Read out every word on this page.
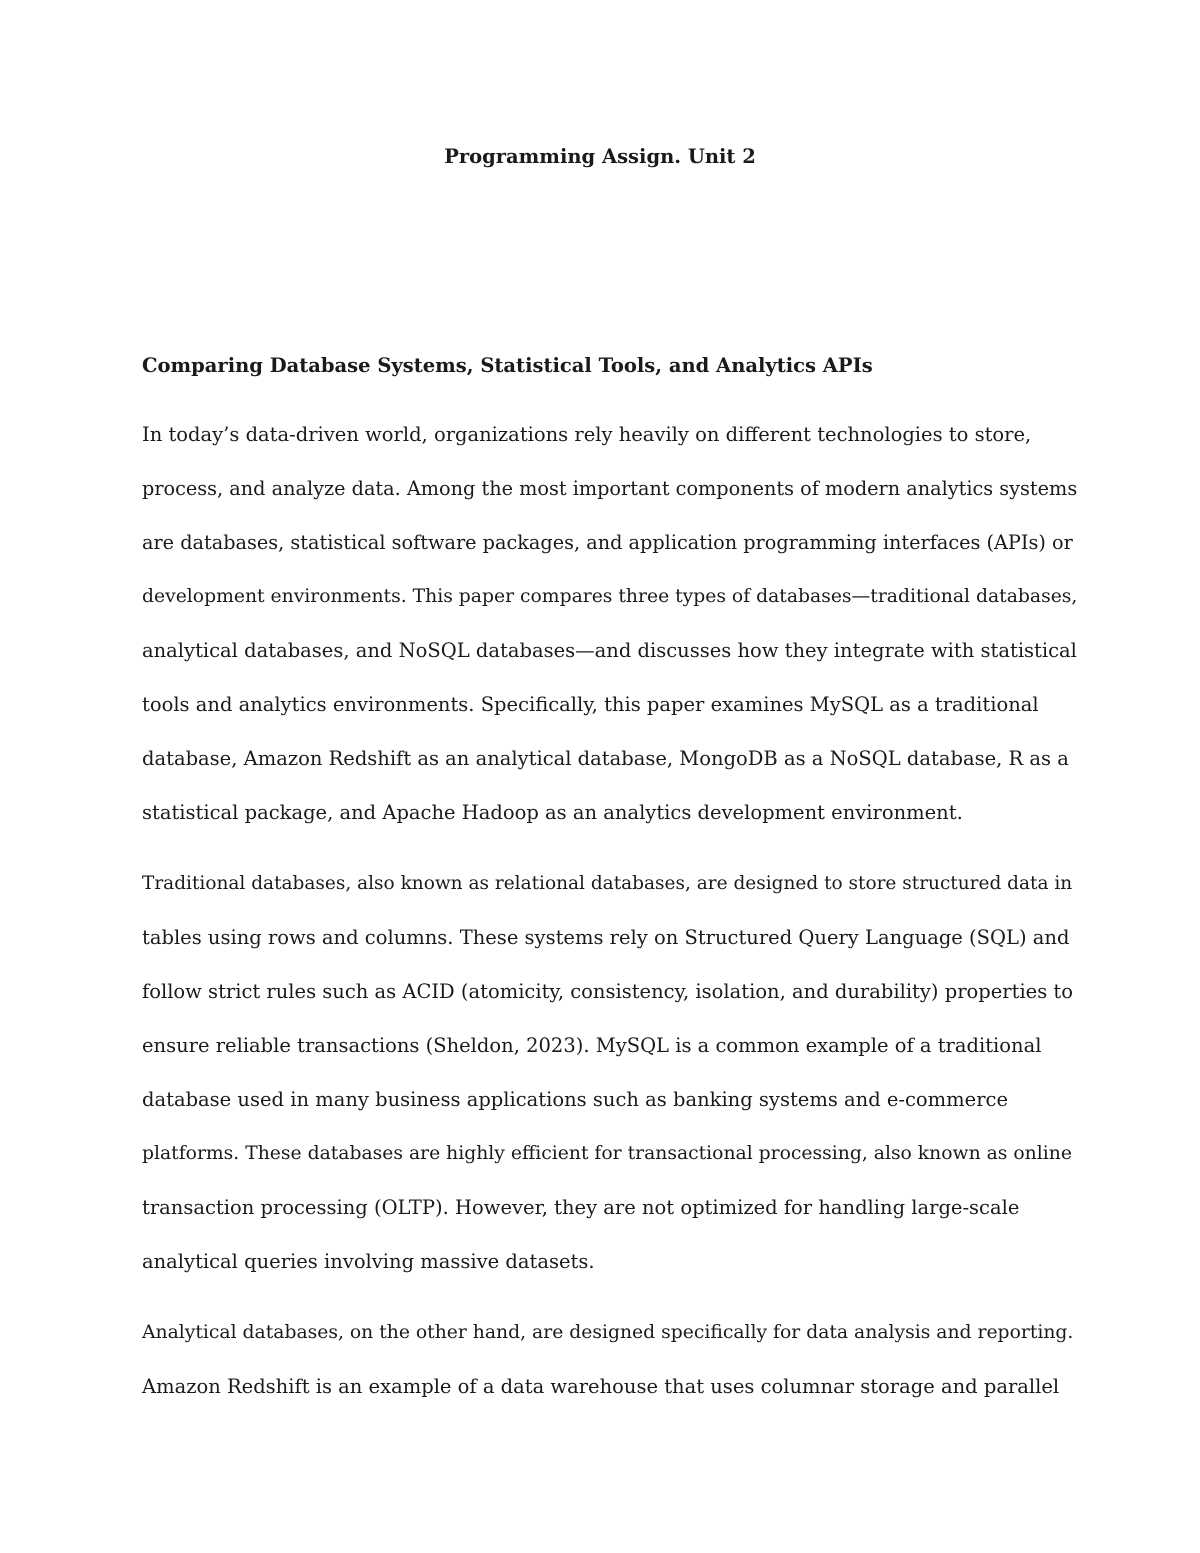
Programming Assign. Unit 2
Comparing Database Systems, Statistical Tools, and Analytics APIs
In today’s data-driven world, organizations rely heavily on different technologies to store,
process, and analyze data. Among the most important components of modern analytics systems
are databases, statistical software packages, and application programming interfaces (APIs) or
development environments. This paper compares three types of databases—traditional databases,
analytical databases, and NoSQL databases—and discusses how they integrate with statistical
tools and analytics environments. Specifically, this paper examines MySQL as a traditional
database, Amazon Redshift as an analytical database, MongoDB as a NoSQL database, R as a
statistical package, and Apache Hadoop as an analytics development environment.
Traditional databases, also known as relational databases, are designed to store structured data in
tables using rows and columns. These systems rely on Structured Query Language (SQL) and
follow strict rules such as ACID (atomicity, consistency, isolation, and durability) properties to
ensure reliable transactions (Sheldon, 2023). MySQL is a common example of a traditional
database used in many business applications such as banking systems and e-commerce
platforms. These databases are highly efficient for transactional processing, also known as online
transaction processing (OLTP). However, they are not optimized for handling large-scale
analytical queries involving massive datasets.
Analytical databases, on the other hand, are designed specifically for data analysis and reporting.
Amazon Redshift is an example of a data warehouse that uses columnar storage and parallel
